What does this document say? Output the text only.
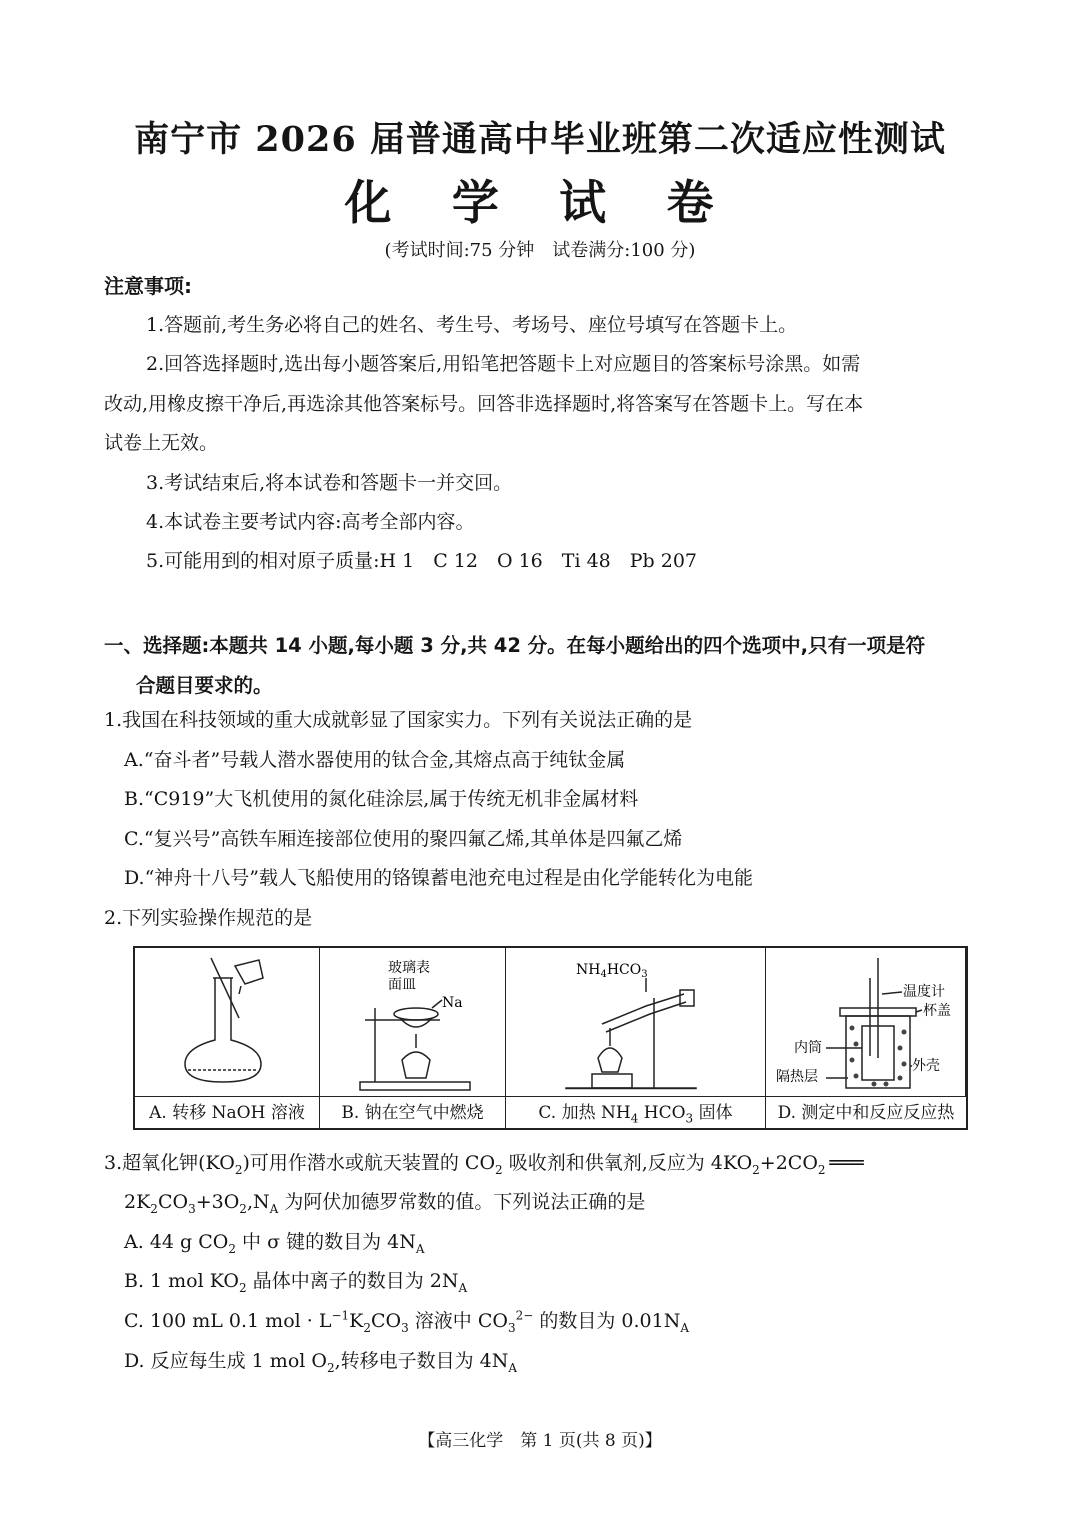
南宁市 2026 届普通高中毕业班第二次适应性测试
化 学 试 卷
(考试时间:75 分钟　试卷满分:100 分)
注意事项:
1.答题前,考生务必将自己的姓名、考生号、考场号、座位号填写在答题卡上。
2.回答选择题时,选出每小题答案后,用铅笔把答题卡上对应题目的答案标号涂黑。如需
改动,用橡皮擦干净后,再选涂其他答案标号。回答非选择题时,将答案写在答题卡上。写在本
试卷上无效。
3.考试结束后,将本试卷和答题卡一并交回。
4.本试卷主要考试内容:高考全部内容。
5.可能用到的相对原子质量:H 1　C 12　O 16　Ti 48　Pb 207
一、选择题:本题共 14 小题,每小题 3 分,共 42 分。在每小题给出的四个选项中,只有一项是符
合题目要求的。
1.我国在科技领域的重大成就彰显了国家实力。下列有关说法正确的是
A.“奋斗者”号载人潜水器使用的钛合金,其熔点高于纯钛金属
B.“C919”大飞机使用的氮化硅涂层,属于传统无机非金属材料
C.“复兴号”高铁车厢连接部位使用的聚四氟乙烯,其单体是四氟乙烯
D.“神舟十八号”载人飞船使用的铬镍蓄电池充电过程是由化学能转化为电能
2.下列实验操作规范的是
玻璃表
面皿
Na
$NH_4HCO_3$
温度计
杯盖
内筒
外壳
隔热层
A. 转移 NaOH 溶液	B. 钠在空气中燃烧	C. 加热 $NH_4$ $HCO_3$ 固体	D. 测定中和反应反应热
3.超氧化钾$(KO_2)$可用作潜水或航天装置的 $CO_2$ 吸收剂和供氧剂,反应为 $4KO_2+2CO_2$ ═══
$2K_2CO_3+3O_2,N_A$ 为阿伏加德罗常数的值。下列说法正确的是
A. 44 g $CO_2$ 中 σ 键的数目为 $4N_A$
B. 1 mol $KO_2$ 晶体中离子的数目为 $2N_A$
C. 100 mL 0.1 mol · $L^{-1}K_2CO_3$ 溶液中 $CO_3^{2-}$ 的数目为 $0.01N_A$
D. 反应每生成 1 mol $O_2$,转移电子数目为 $4N_A$
【高三化学　第 1 页(共 8 页)】
